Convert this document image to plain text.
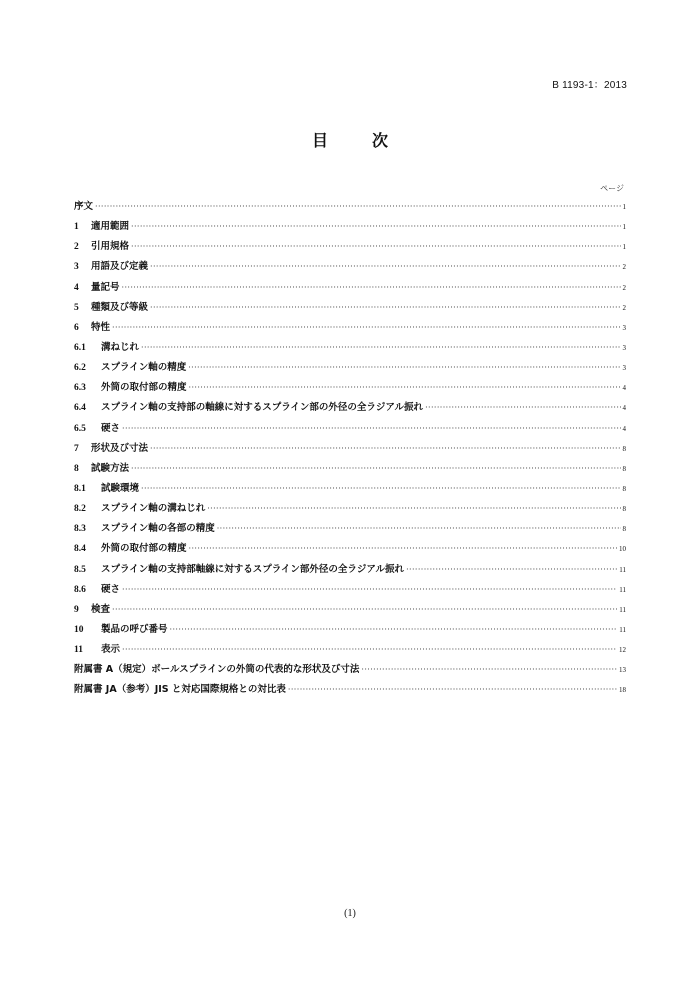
B 1193-1：2013
目　次
ページ
序文 ·····	1
1	適用範囲 ·····	1
2	引用規格 ·····	1
3	用語及び定義 ·····	2
4	量記号 ·····	2
5	種類及び等級 ·····	2
6	特性 ·····	3
6.1	溝ねじれ ·····	3
6.2	スプライン軸の精度 ·····	3
6.3	外筒の取付部の精度 ·····	4
6.4	スプライン軸の支持部の軸線に対するスプライン部の外径の全ラジアル振れ ·····	4
6.5	硬さ ·····	4
7	形状及び寸法 ·····	8
8	試験方法 ·····	8
8.1	試験環境 ·····	8
8.2	スプライン軸の溝ねじれ ·····	8
8.3	スプライン軸の各部の精度 ·····	8
8.4	外筒の取付部の精度 ·····	10
8.5	スプライン軸の支持部軸線に対するスプライン部外径の全ラジアル振れ ·····	11
8.6	硬さ ·····	11
9	検査 ·····	11
10	製品の呼び番号 ·····	11
11	表示 ·····	12
附属書 A（規定）ボールスプラインの外筒の代表的な形状及び寸法 ·····	13
附属書 JA（参考）JIS と対応国際規格との対比表 ·····	18
(1)
